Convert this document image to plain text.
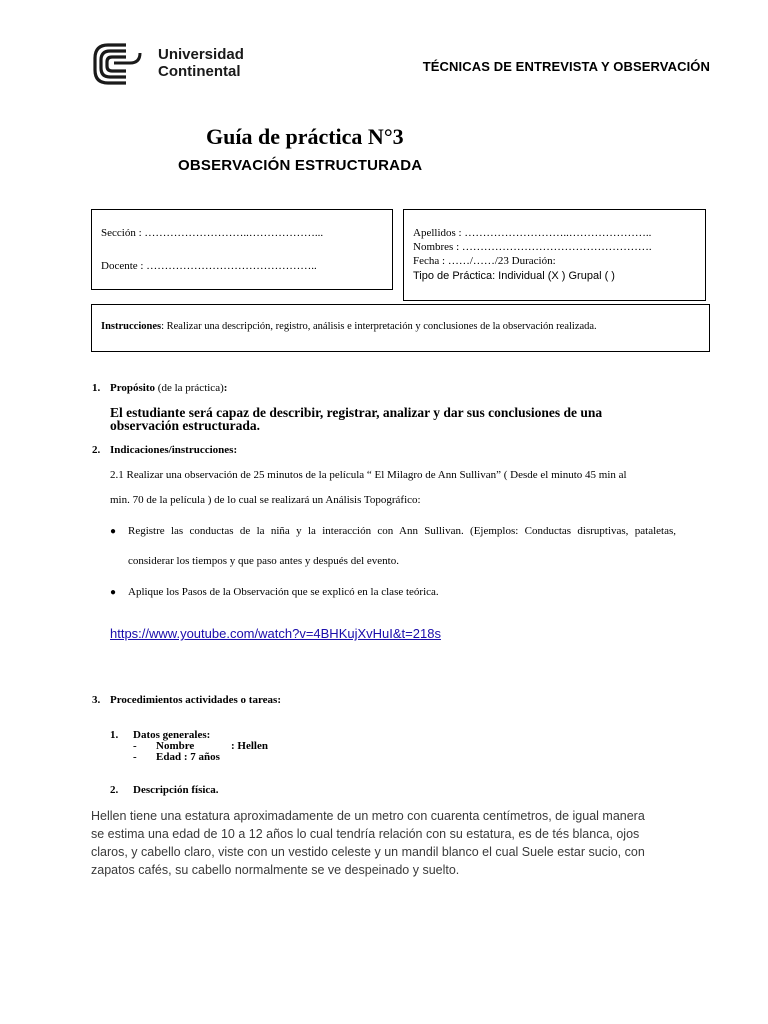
Universidad
Continental	TÉCNICAS DE ENTREVISTA Y OBSERVACIÓN
Guía de práctica N°3
OBSERVACIÓN ESTRUCTURADA
Sección : ………………………..………………...
Docente : ………………………………………..
Apellidos : ………………………..…………………..
Nombres : …………………………………………….
Fecha : ……/……/23 Duración:
Tipo de Práctica: Individual (X ) Grupal ( )
Instrucciones: Realizar una descripción, registro, análisis e interpretación y conclusiones de la observación realizada.
1. Propósito (de la práctica):
El estudiante será capaz de describir, registrar, analizar y dar sus conclusiones de una
observación estructurada.
2. Indicaciones/instrucciones:
2.1 Realizar una observación de 25 minutos de la película “ El Milagro de Ann Sullivan” ( Desde el minuto 45 min al
min. 70 de la película ) de lo cual se realizará un Análisis Topográfico:
● Registre las conductas de la niña y la interacción con Ann Sullivan. (Ejemplos: Conductas disruptivas, pataletas,
considerar los tiempos y que paso antes y después del evento.
● Aplique los Pasos de la Observación que se explicó en la clase teórica.
https://www.youtube.com/watch?v=4BHKujXvHuI&t=218s
3. Procedimientos actividades o tareas:
1. Datos generales:
- Nombre	: Hellen
- Edad : 7 años
2. Descripción física.
Hellen tiene una estatura aproximadamente de un metro con cuarenta centímetros, de igual manera
se estima una edad de 10 a 12 años lo cual tendría relación con su estatura, es de tés blanca, ojos
claros, y cabello claro, viste con un vestido celeste y un mandil blanco el cual Suele estar sucio, con
zapatos cafés, su cabello normalmente se ve despeinado y suelto.
